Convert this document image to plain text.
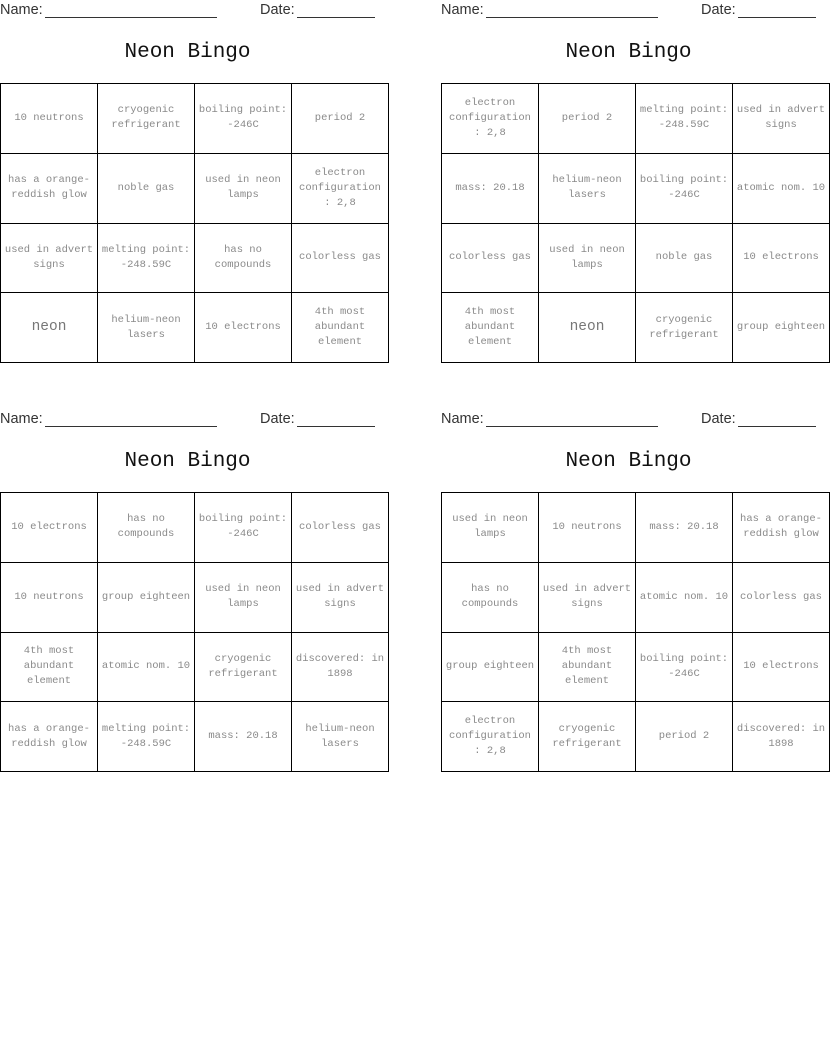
Name:	Date:
Neon Bingo
10 neutrons	cryogenic refrigerant	boiling point: -246C	period 2
has a orange-reddish glow	noble gas	used in neon lamps	electron configuration : 2,8
used in advert signs	melting point: -248.59C	has no compounds	colorless gas
neon	helium-neon lasers	10 electrons	4th most abundant element
Name:	Date:
Neon Bingo
electron configuration : 2,8	period 2	melting point: -248.59C	used in advert signs
mass: 20.18	helium-neon lasers	boiling point: -246C	atomic nom. 10
colorless gas	used in neon lamps	noble gas	10 electrons
4th most abundant element	neon	cryogenic refrigerant	group eighteen
Name:	Date:
Neon Bingo
10 electrons	has no compounds	boiling point: -246C	colorless gas
10 neutrons	group eighteen	used in neon lamps	used in advert signs
4th most abundant element	atomic nom. 10	cryogenic refrigerant	discovered: in 1898
has a orange-reddish glow	melting point: -248.59C	mass: 20.18	helium-neon lasers
Name:	Date:
Neon Bingo
used in neon lamps	10 neutrons	mass: 20.18	has a orange-reddish glow
has no compounds	used in advert signs	atomic nom. 10	colorless gas
group eighteen	4th most abundant element	boiling point: -246C	10 electrons
electron configuration : 2,8	cryogenic refrigerant	period 2	discovered: in 1898
